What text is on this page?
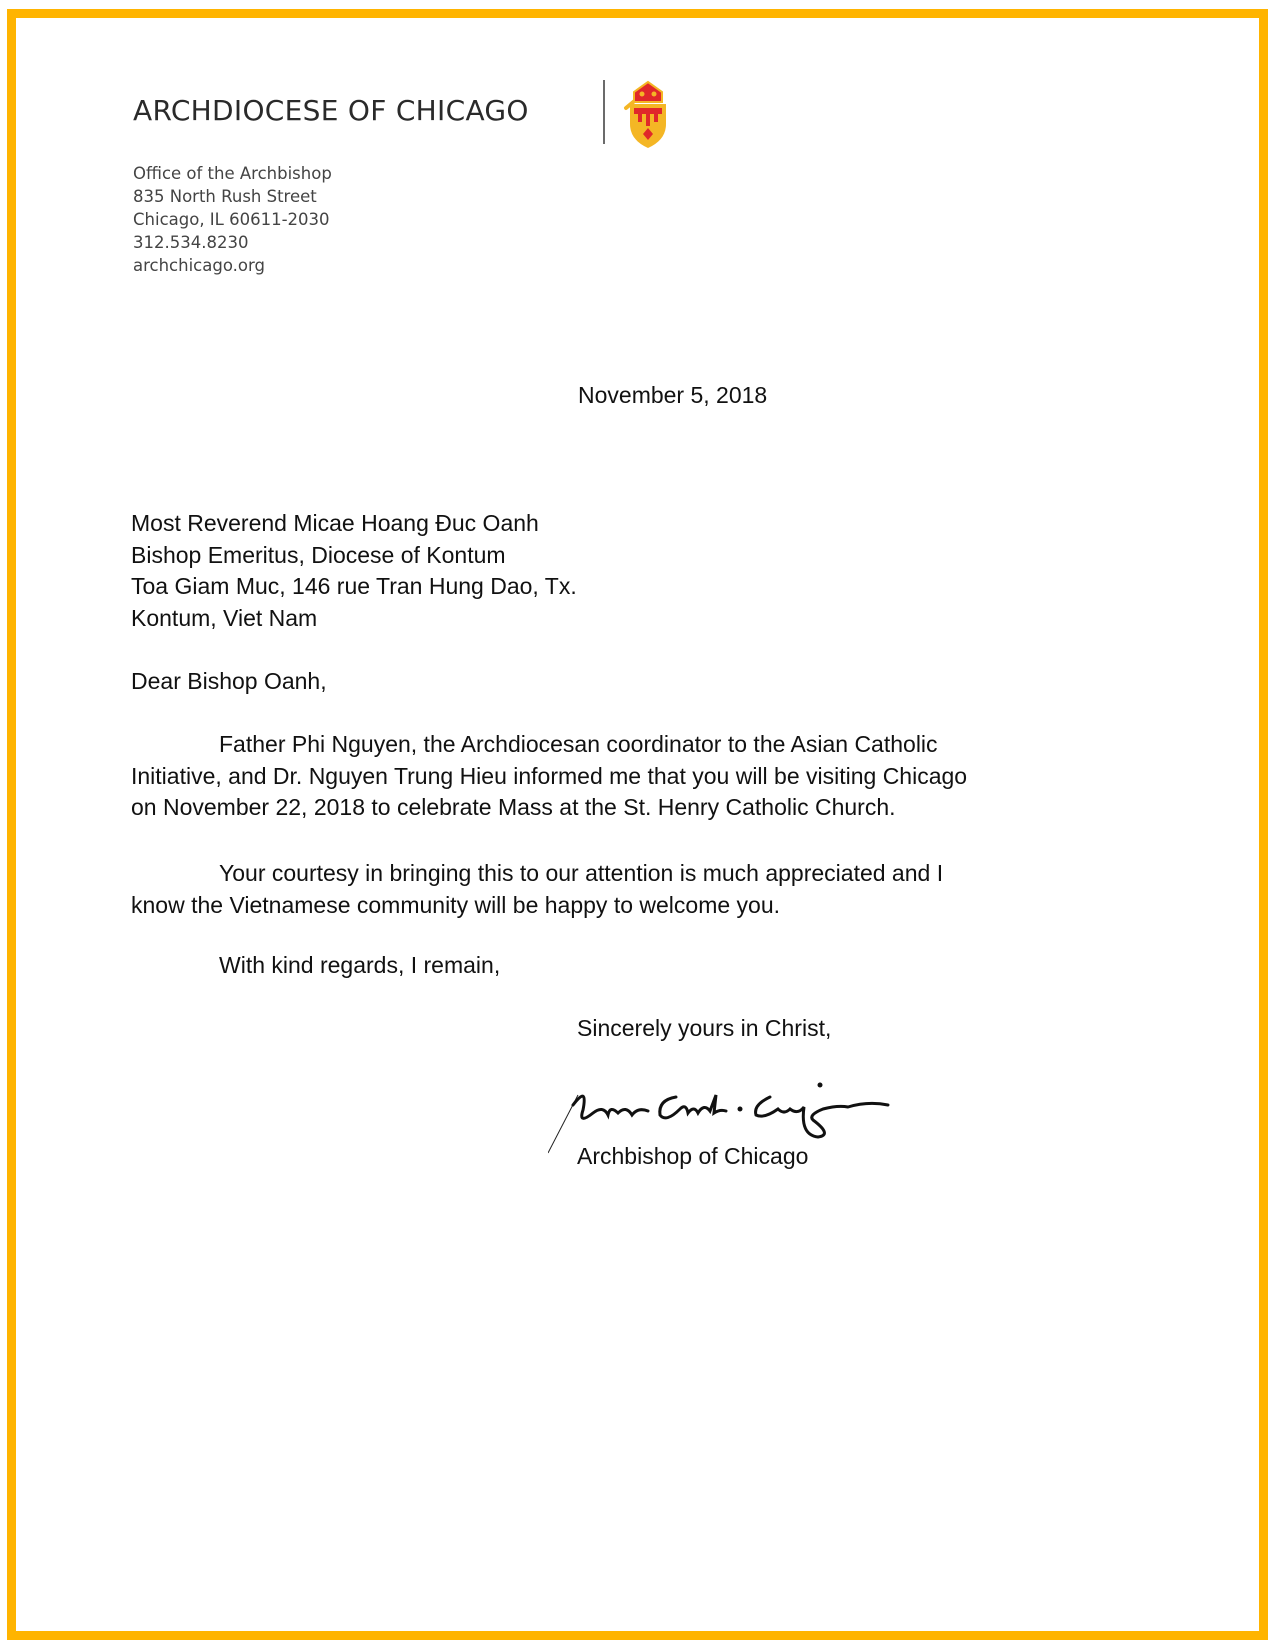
ARCHDIOCESE OF CHICAGO
Office of the Archbishop
835 North Rush Street
Chicago, IL 60611-2030
312.534.8230
archchicago.org
November 5, 2018
Most Reverend Micae Hoang Đuc Oanh
Bishop Emeritus, Diocese of Kontum
Toa Giam Muc, 146 rue Tran Hung Dao, Tx.
Kontum, Viet Nam
Dear Bishop Oanh,
Father Phi Nguyen, the Archdiocesan coordinator to the Asian Catholic
Initiative, and Dr. Nguyen Trung Hieu informed me that you will be visiting Chicago
on November 22, 2018 to celebrate Mass at the St. Henry Catholic Church.
Your courtesy in bringing this to our attention is much appreciated and I
know the Vietnamese community will be happy to welcome you.
With kind regards, I remain,
Sincerely yours in Christ,
Archbishop of Chicago
